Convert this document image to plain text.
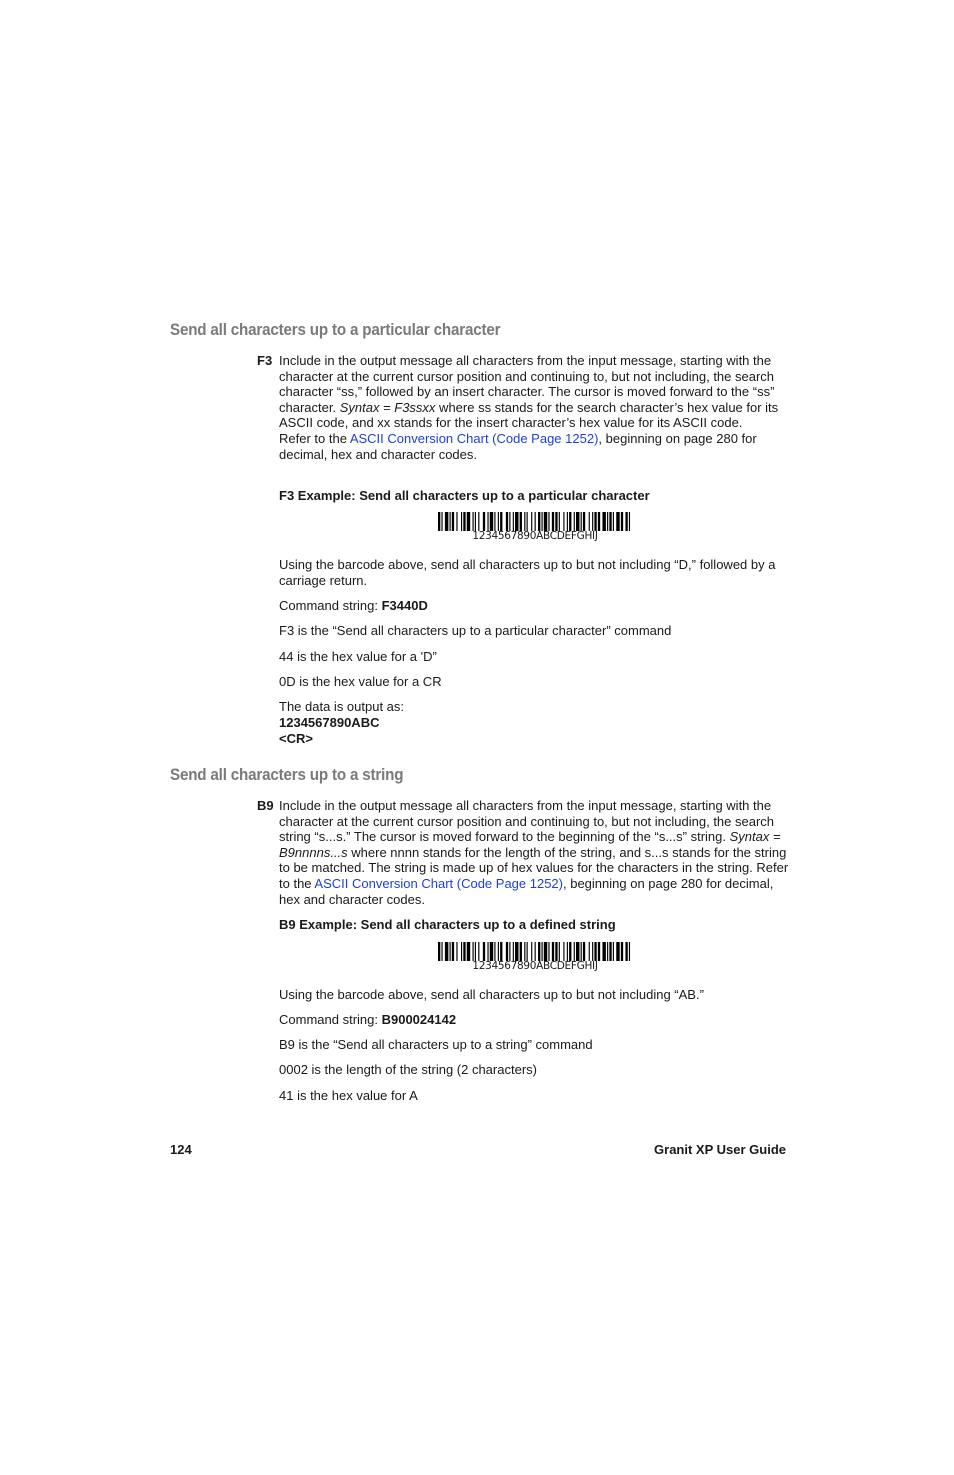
Send all characters up to a particular character
F3 Include in the output message all characters from the input message, starting with the character at the current cursor position and continuing to, but not including, the search character “ss,” followed by an insert character. The cursor is moved forward to the “ss” character. Syntax = F3ssxx where ss stands for the search character’s hex value for its ASCII code, and xx stands for the insert character’s hex value for its ASCII code.

Refer to the ASCII Conversion Chart (Code Page 1252), beginning on page 280 for decimal, hex and character codes.

F3 Example: Send all characters up to a particular character
1234567890ABCDEFGHIJ
Using the barcode above, send all characters up to but not including “D,” followed by a carriage return.
Command string: F3440D
F3 is the “Send all characters up to a particular character” command
44 is the hex value for a 'D”
0D is the hex value for a CR
The data is output as:
1234567890ABC
<CR>
Send all characters up to a string
B9 Include in the output message all characters from the input message, starting with the character at the current cursor position and continuing to, but not including, the search string “s...s.” The cursor is moved forward to the beginning of the “s...s” string. Syntax = B9nnnns...s where nnnn stands for the length of the string, and s...s stands for the string to be matched. The string is made up of hex values for the characters in the string. Refer to the ASCII Conversion Chart (Code Page 1252), beginning on page 280 for decimal, hex and character codes.

B9 Example: Send all characters up to a defined string
1234567890ABCDEFGHIJ
Using the barcode above, send all characters up to but not including “AB.”
Command string: B900024142
B9 is the “Send all characters up to a string” command
0002 is the length of the string (2 characters)
41 is the hex value for A
124	Granit XP User Guide
